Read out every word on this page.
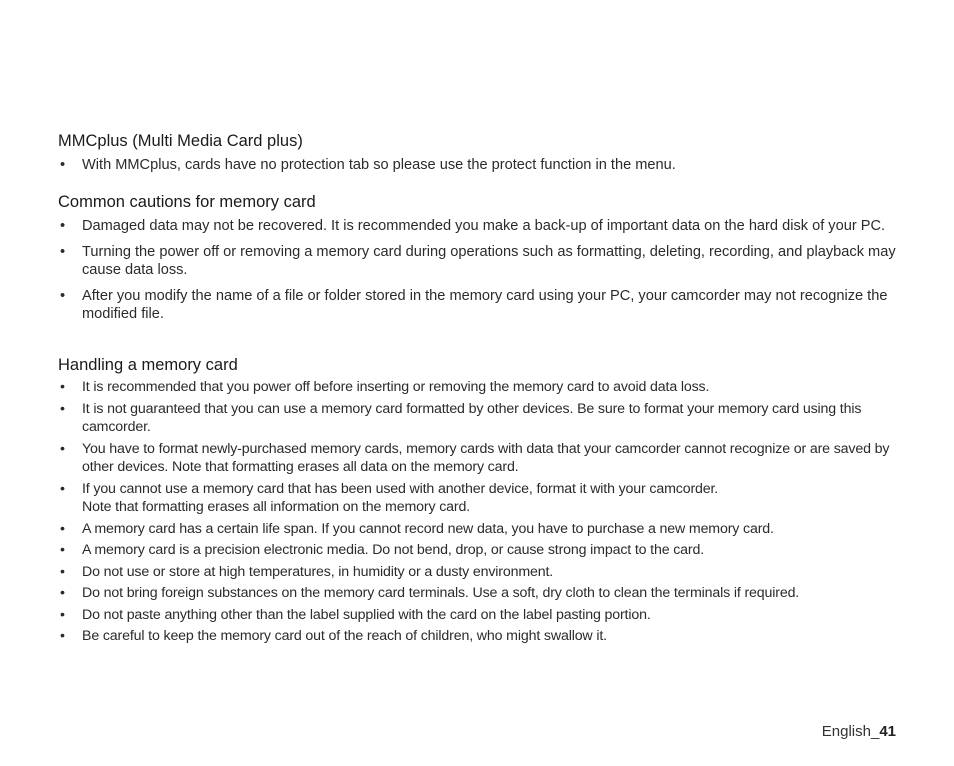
MMCplus (Multi Media Card plus)
• With MMCplus, cards have no protection tab so please use the protect function in the menu.
Common cautions for memory card
• Damaged data may not be recovered. It is recommended you make a back-up of important data on the hard disk of your PC.
• Turning the power off or removing a memory card during operations such as formatting, deleting, recording, and playback may cause data loss.
• After you modify the name of a file or folder stored in the memory card using your PC, your camcorder may not recognize the modified file.
Handling a memory card
• It is recommended that you power off before inserting or removing the memory card to avoid data loss.
• It is not guaranteed that you can use a memory card formatted by other devices. Be sure to format your memory card using this camcorder.
• You have to format newly-purchased memory cards, memory cards with data that your camcorder cannot recognize or are saved by other devices. Note that formatting erases all data on the memory card.
• If you cannot use a memory card that has been used with another device, format it with your camcorder.
Note that formatting erases all information on the memory card.
• A memory card has a certain life span. If you cannot record new data, you have to purchase a new memory card.
• A memory card is a precision electronic media. Do not bend, drop, or cause strong impact to the card.
• Do not use or store at high temperatures, in humidity or a dusty environment.
• Do not bring foreign substances on the memory card terminals. Use a soft, dry cloth to clean the terminals if required.
• Do not paste anything other than the label supplied with the card on the label pasting portion.
• Be careful to keep the memory card out of the reach of children, who might swallow it.
English_41
